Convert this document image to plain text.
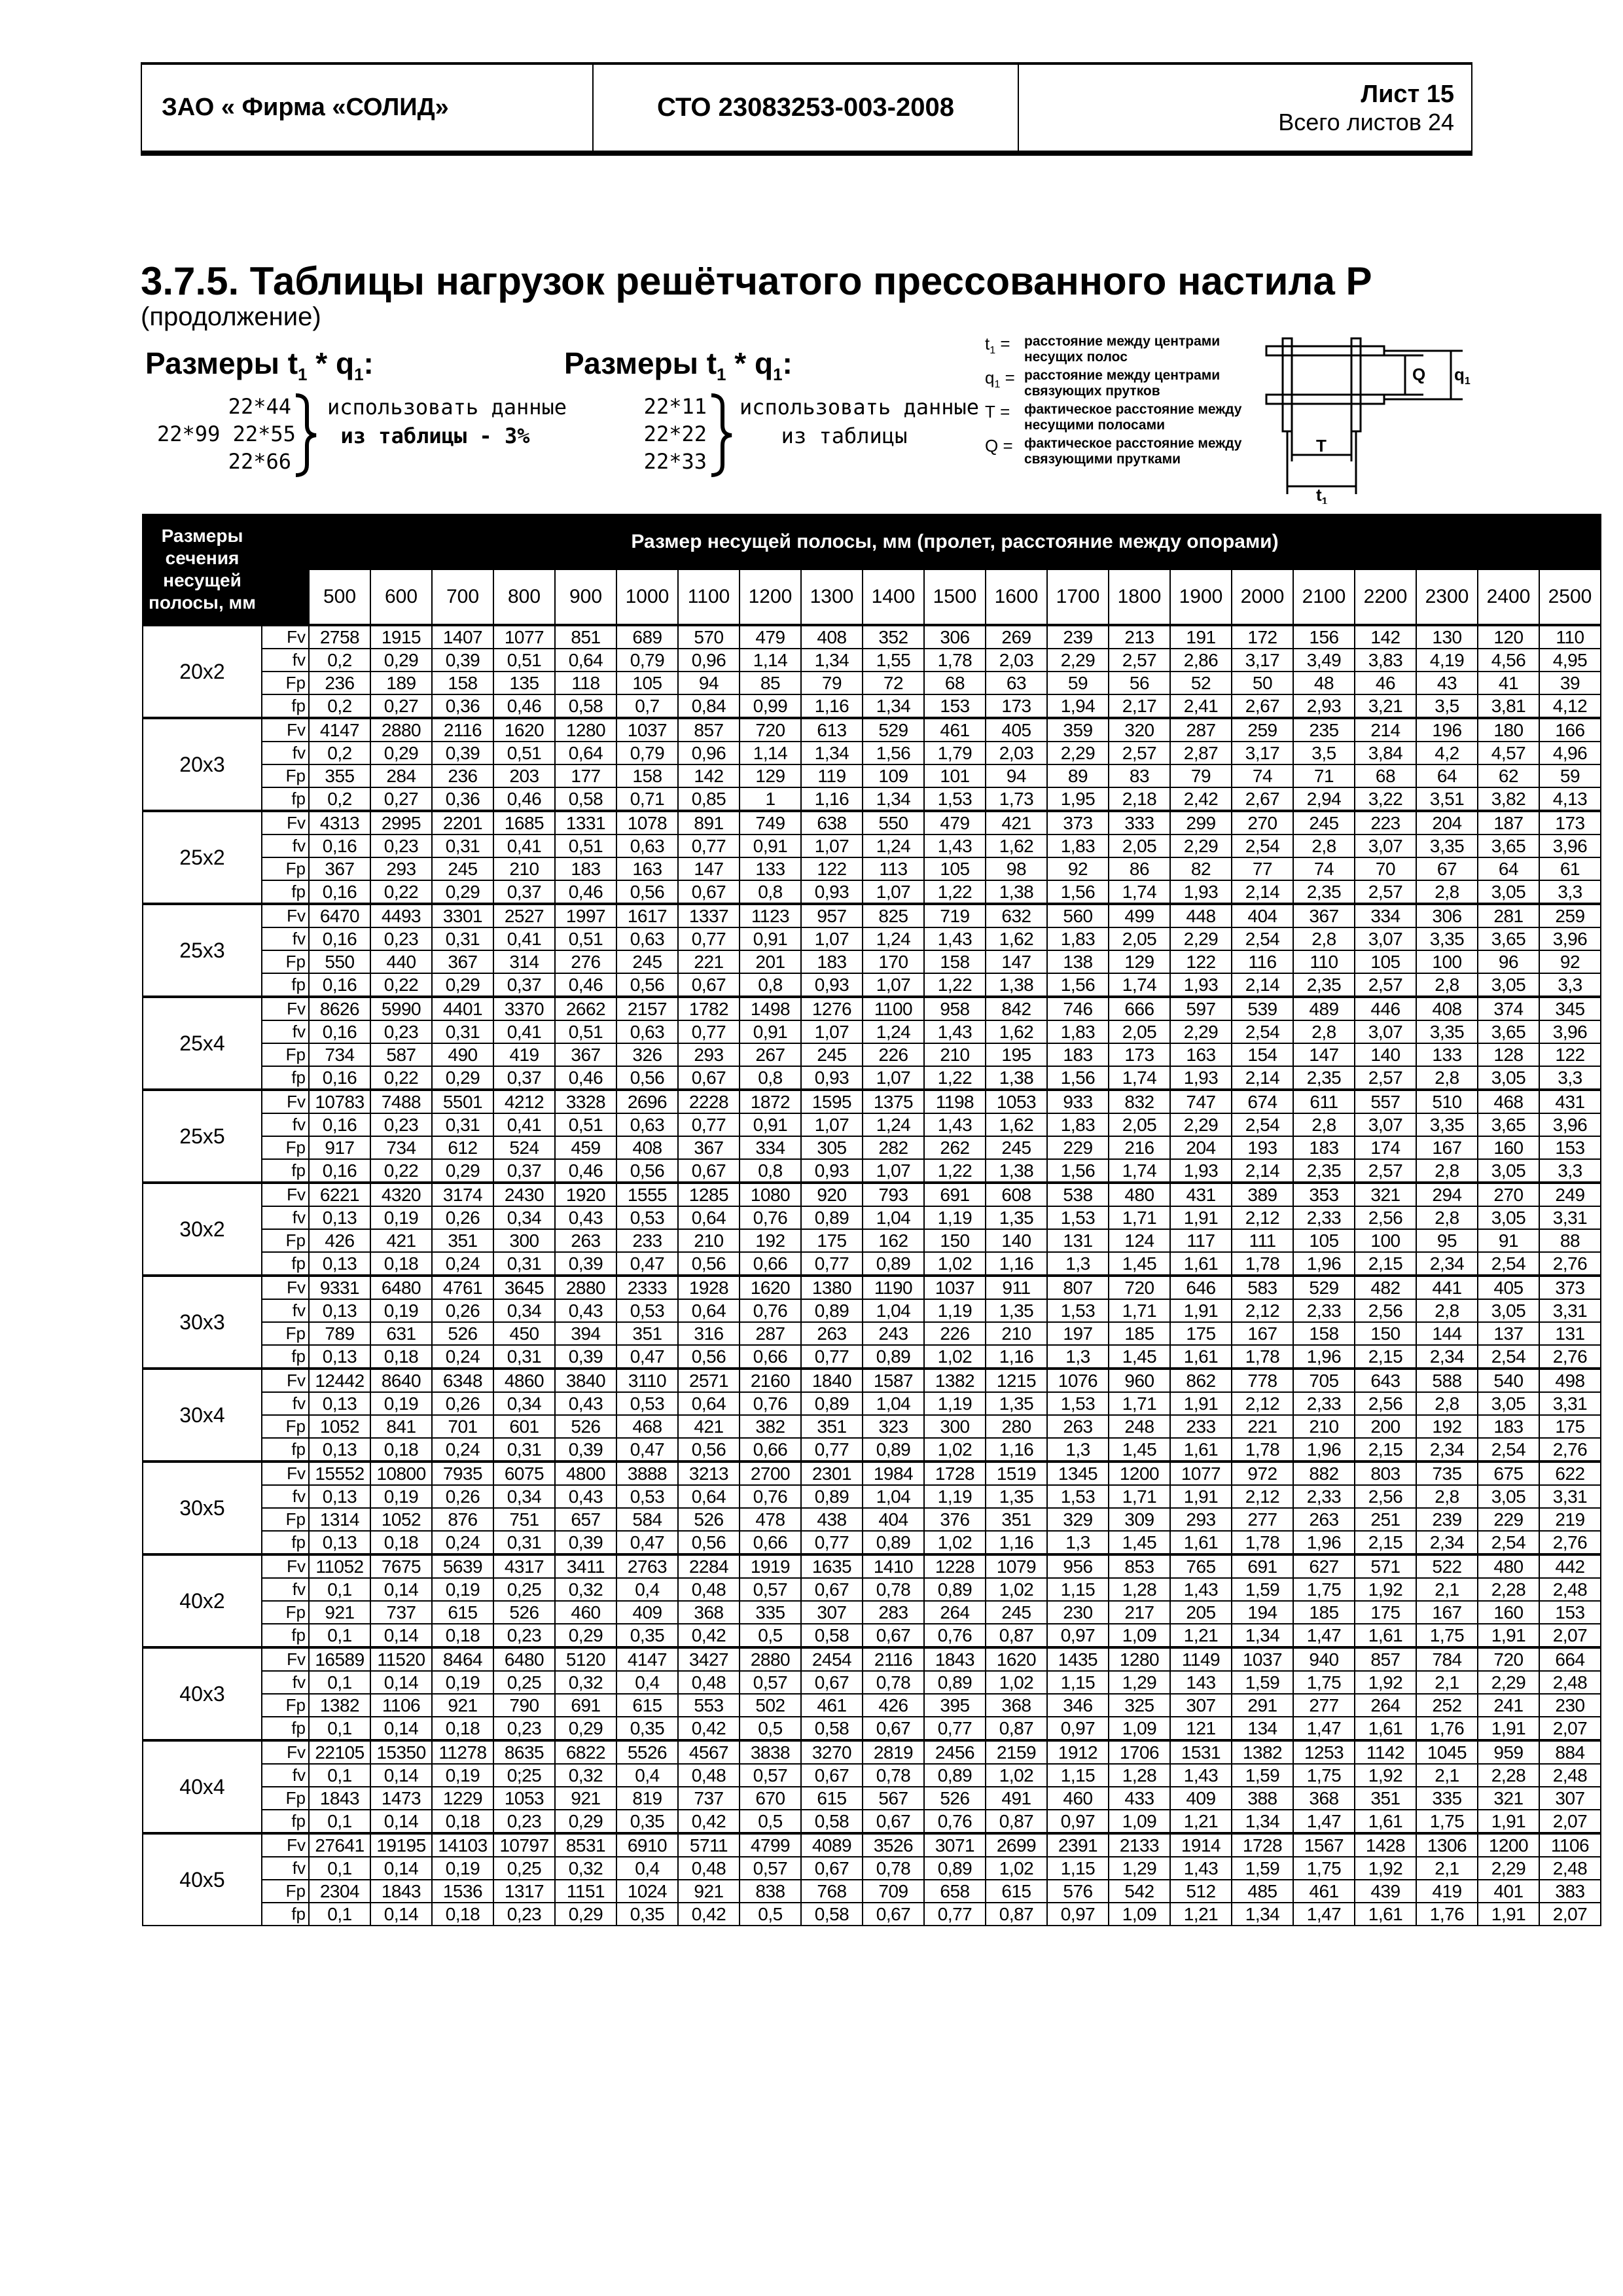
ЗАО « Фирма «СОЛИД»	СТО 23083253-003-2008	Лист 15
Всего листов 24
3.7.5. Таблицы нагрузок решётчатого прессованного настила Р
(продолжение)
Размеры $t_1 * q_1$:
22*44
22*99 22*55
22*66
использовать данные
из таблицы - 3%
Размеры $t_1 * q_1$:
22*11
22*22
22*33
использовать данные
из таблицы
$t_1$ =	расстояние между центрами несущих полос
$q_1$ = расстояние между центрами связующих прутков
T =	фактическое расстояние между несущими полосами
Q = фактическое расстояние между связующими прутками
Q $q_1$
T
$t_1$
Размеры сечения несущей полосы, мм		Размер несущей полосы, мм (пролет, расстояние между опорами)																				
		500	600	700	800	900	1000	1100	1200	1300	1400	1500	1600	1700	1800	1900	2000	2100	2200	2300	2400	2500
20x2	Fv	2758	1915	1407	1077	851	689	570	479	408	352	306	269	239	213	191	172	156	142	130	120	110
	fv	0,2	0,29	0,39	0,51	0,64	0,79	0,96	1,14	1,34	1,55	1,78	2,03	2,29	2,57	2,86	3,17	3,49	3,83	4,19	4,56	4,95
	Fp	236	189	158	135	118	105	94	85	79	72	68	63	59	56	52	50	48	46	43	41	39
	fp	0,2	0,27	0,36	0,46	0,58	0,7	0,84	0,99	1,16	1,34	153	173	1,94	2,17	2,41	2,67	2,93	3,21	3,5	3,81	4,12
20x3	Fv	4147	2880	2116	1620	1280	1037	857	720	613	529	461	405	359	320	287	259	235	214	196	180	166
	fv	0,2	0,29	0,39	0,51	0,64	0,79	0,96	1,14	1,34	1,56	1,79	2,03	2,29	2,57	2,87	3,17	3,5	3,84	4,2	4,57	4,96
	Fp	355	284	236	203	177	158	142	129	119	109	101	94	89	83	79	74	71	68	64	62	59
	fp	0,2	0,27	0,36	0,46	0,58	0,71	0,85	1	1,16	1,34	1,53	1,73	1,95	2,18	2,42	2,67	2,94	3,22	3,51	3,82	4,13
25x2	Fv	4313	2995	2201	1685	1331	1078	891	749	638	550	479	421	373	333	299	270	245	223	204	187	173
	fv	0,16	0,23	0,31	0,41	0,51	0,63	0,77	0,91	1,07	1,24	1,43	1,62	1,83	2,05	2,29	2,54	2,8	3,07	3,35	3,65	3,96
	Fp	367	293	245	210	183	163	147	133	122	113	105	98	92	86	82	77	74	70	67	64	61
	fp	0,16	0,22	0,29	0,37	0,46	0,56	0,67	0,8	0,93	1,07	1,22	1,38	1,56	1,74	1,93	2,14	2,35	2,57	2,8	3,05	3,3
25x3	Fv	6470	4493	3301	2527	1997	1617	1337	1123	957	825	719	632	560	499	448	404	367	334	306	281	259
	fv	0,16	0,23	0,31	0,41	0,51	0,63	0,77	0,91	1,07	1,24	1,43	1,62	1,83	2,05	2,29	2,54	2,8	3,07	3,35	3,65	3,96
	Fp	550	440	367	314	276	245	221	201	183	170	158	147	138	129	122	116	110	105	100	96	92
	fp	0,16	0,22	0,29	0,37	0,46	0,56	0,67	0,8	0,93	1,07	1,22	1,38	1,56	1,74	1,93	2,14	2,35	2,57	2,8	3,05	3,3
25x4	Fv	8626	5990	4401	3370	2662	2157	1782	1498	1276	1100	958	842	746	666	597	539	489	446	408	374	345
	fv	0,16	0,23	0,31	0,41	0,51	0,63	0,77	0,91	1,07	1,24	1,43	1,62	1,83	2,05	2,29	2,54	2,8	3,07	3,35	3,65	3,96
	Fp	734	587	490	419	367	326	293	267	245	226	210	195	183	173	163	154	147	140	133	128	122
	fp	0,16	0,22	0,29	0,37	0,46	0,56	0,67	0,8	0,93	1,07	1,22	1,38	1,56	1,74	1,93	2,14	2,35	2,57	2,8	3,05	3,3
25x5	Fv	10783	7488	5501	4212	3328	2696	2228	1872	1595	1375	1198	1053	933	832	747	674	611	557	510	468	431
	fv	0,16	0,23	0,31	0,41	0,51	0,63	0,77	0,91	1,07	1,24	1,43	1,62	1,83	2,05	2,29	2,54	2,8	3,07	3,35	3,65	3,96
	Fp	917	734	612	524	459	408	367	334	305	282	262	245	229	216	204	193	183	174	167	160	153
	fp	0,16	0,22	0,29	0,37	0,46	0,56	0,67	0,8	0,93	1,07	1,22	1,38	1,56	1,74	1,93	2,14	2,35	2,57	2,8	3,05	3,3
30x2	Fv	6221	4320	3174	2430	1920	1555	1285	1080	920	793	691	608	538	480	431	389	353	321	294	270	249
	fv	0,13	0,19	0,26	0,34	0,43	0,53	0,64	0,76	0,89	1,04	1,19	1,35	1,53	1,71	1,91	2,12	2,33	2,56	2,8	3,05	3,31
	Fp	426	421	351	300	263	233	210	192	175	162	150	140	131	124	117	111	105	100	95	91	88
	fp	0,13	0,18	0,24	0,31	0,39	0,47	0,56	0,66	0,77	0,89	1,02	1,16	1,3	1,45	1,61	1,78	1,96	2,15	2,34	2,54	2,76
30x3	Fv	9331	6480	4761	3645	2880	2333	1928	1620	1380	1190	1037	911	807	720	646	583	529	482	441	405	373
	fv	0,13	0,19	0,26	0,34	0,43	0,53	0,64	0,76	0,89	1,04	1,19	1,35	1,53	1,71	1,91	2,12	2,33	2,56	2,8	3,05	3,31
	Fp	789	631	526	450	394	351	316	287	263	243	226	210	197	185	175	167	158	150	144	137	131
	fp	0,13	0,18	0,24	0,31	0,39	0,47	0,56	0,66	0,77	0,89	1,02	1,16	1,3	1,45	1,61	1,78	1,96	2,15	2,34	2,54	2,76
30x4	Fv	12442	8640	6348	4860	3840	3110	2571	2160	1840	1587	1382	1215	1076	960	862	778	705	643	588	540	498
	fv	0,13	0,19	0,26	0,34	0,43	0,53	0,64	0,76	0,89	1,04	1,19	1,35	1,53	1,71	1,91	2,12	2,33	2,56	2,8	3,05	3,31
	Fp	1052	841	701	601	526	468	421	382	351	323	300	280	263	248	233	221	210	200	192	183	175
	fp	0,13	0,18	0,24	0,31	0,39	0,47	0,56	0,66	0,77	0,89	1,02	1,16	1,3	1,45	1,61	1,78	1,96	2,15	2,34	2,54	2,76
30x5	Fv	15552	10800	7935	6075	4800	3888	3213	2700	2301	1984	1728	1519	1345	1200	1077	972	882	803	735	675	622
	fv	0,13	0,19	0,26	0,34	0,43	0,53	0,64	0,76	0,89	1,04	1,19	1,35	1,53	1,71	1,91	2,12	2,33	2,56	2,8	3,05	3,31
	Fp	1314	1052	876	751	657	584	526	478	438	404	376	351	329	309	293	277	263	251	239	229	219
	fp	0,13	0,18	0,24	0,31	0,39	0,47	0,56	0,66	0,77	0,89	1,02	1,16	1,3	1,45	1,61	1,78	1,96	2,15	2,34	2,54	2,76
40x2	Fv	11052	7675	5639	4317	3411	2763	2284	1919	1635	1410	1228	1079	956	853	765	691	627	571	522	480	442
	fv	0,1	0,14	0,19	0,25	0,32	0,4	0,48	0,57	0,67	0,78	0,89	1,02	1,15	1,28	1,43	1,59	1,75	1,92	2,1	2,28	2,48
	Fp	921	737	615	526	460	409	368	335	307	283	264	245	230	217	205	194	185	175	167	160	153
	fp	0,1	0,14	0,18	0,23	0,29	0,35	0,42	0,5	0,58	0,67	0,76	0,87	0,97	1,09	1,21	1,34	1,47	1,61	1,75	1,91	2,07
40x3	Fv	16589	11520	8464	6480	5120	4147	3427	2880	2454	2116	1843	1620	1435	1280	1149	1037	940	857	784	720	664
	fv	0,1	0,14	0,19	0,25	0,32	0,4	0,48	0,57	0,67	0,78	0,89	1,02	1,15	1,29	143	1,59	1,75	1,92	2,1	2,29	2,48
	Fp	1382	1106	921	790	691	615	553	502	461	426	395	368	346	325	307	291	277	264	252	241	230
	fp	0,1	0,14	0,18	0,23	0,29	0,35	0,42	0,5	0,58	0,67	0,77	0,87	0,97	1,09	121	134	1,47	1,61	1,76	1,91	2,07
40x4	Fv	22105	15350	11278	8635	6822	5526	4567	3838	3270	2819	2456	2159	1912	1706	1531	1382	1253	1142	1045	959	884
	fv	0,1	0,14	0,19	0;25	0,32	0,4	0,48	0,57	0,67	0,78	0,89	1,02	1,15	1,28	1,43	1,59	1,75	1,92	2,1	2,28	2,48
	Fp	1843	1473	1229	1053	921	819	737	670	615	567	526	491	460	433	409	388	368	351	335	321	307
	fp	0,1	0,14	0,18	0,23	0,29	0,35	0,42	0,5	0,58	0,67	0,76	0,87	0,97	1,09	1,21	1,34	1,47	1,61	1,75	1,91	2,07
40x5	Fv	27641	19195	14103	10797	8531	6910	5711	4799	4089	3526	3071	2699	2391	2133	1914	1728	1567	1428	1306	1200	1106
	fv	0,1	0,14	0,19	0,25	0,32	0,4	0,48	0,57	0,67	0,78	0,89	1,02	1,15	1,29	1,43	1,59	1,75	1,92	2,1	2,29	2,48
	Fp	2304	1843	1536	1317	1151	1024	921	838	768	709	658	615	576	542	512	485	461	439	419	401	383
	fp	0,1	0,14	0,18	0,23	0,29	0,35	0,42	0,5	0,58	0,67	0,77	0,87	0,97	1,09	1,21	1,34	1,47	1,61	1,76	1,91	2,07
